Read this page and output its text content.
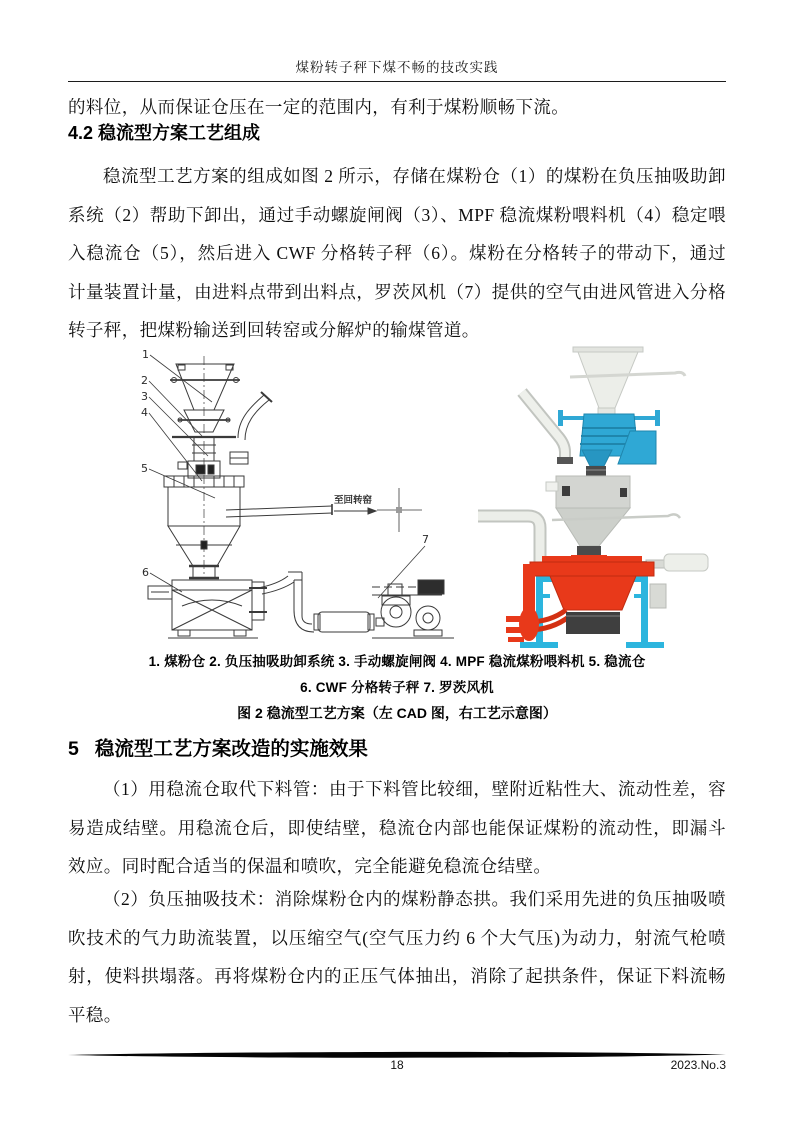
煤粉转子秤下煤不畅的技改实践
的料位，从而保证仓压在一定的范围内，有利于煤粉顺畅下流。
4.2 稳流型方案工艺组成
稳流型工艺方案的组成如图 2 所示，存储在煤粉仓（1）的煤粉在负压抽吸助卸系统（2）帮助下卸出，通过手动螺旋闸阀（3）、MPF 稳流煤粉喂料机（4）稳定喂入稳流仓（5），然后进入 CWF 分格转子秤（6）。煤粉在分格转子的带动下，通过计量装置计量，由进料点带到出料点，罗茨风机（7）提供的空气由进风管进入分格转子秤，把煤粉输送到回转窑或分解炉的输煤管道。
1
2
3
4
5
6
7
至回转窑
1. 煤粉仓 2. 负压抽吸助卸系统 3. 手动螺旋闸阀 4. MPF 稳流煤粉喂料机 5. 稳流仓
6. CWF 分格转子秤 7. 罗茨风机
图 2 稳流型工艺方案（左 CAD 图，右工艺示意图）
5 稳流型工艺方案改造的实施效果
（1）用稳流仓取代下料管：由于下料管比较细，壁附近粘性大、流动性差，容易造成结壁。用稳流仓后，即使结壁，稳流仓内部也能保证煤粉的流动性，即漏斗效应。同时配合适当的保温和喷吹，完全能避免稳流仓结壁。
（2）负压抽吸技术：消除煤粉仓内的煤粉静态拱。我们采用先进的负压抽吸喷吹技术的气力助流装置，以压缩空气(空气压力约 6 个大气压)为动力，射流气枪喷射，使料拱塌落。再将煤粉仓内的正压气体抽出，消除了起拱条件，保证下料流畅平稳。
18	2023.No.3
